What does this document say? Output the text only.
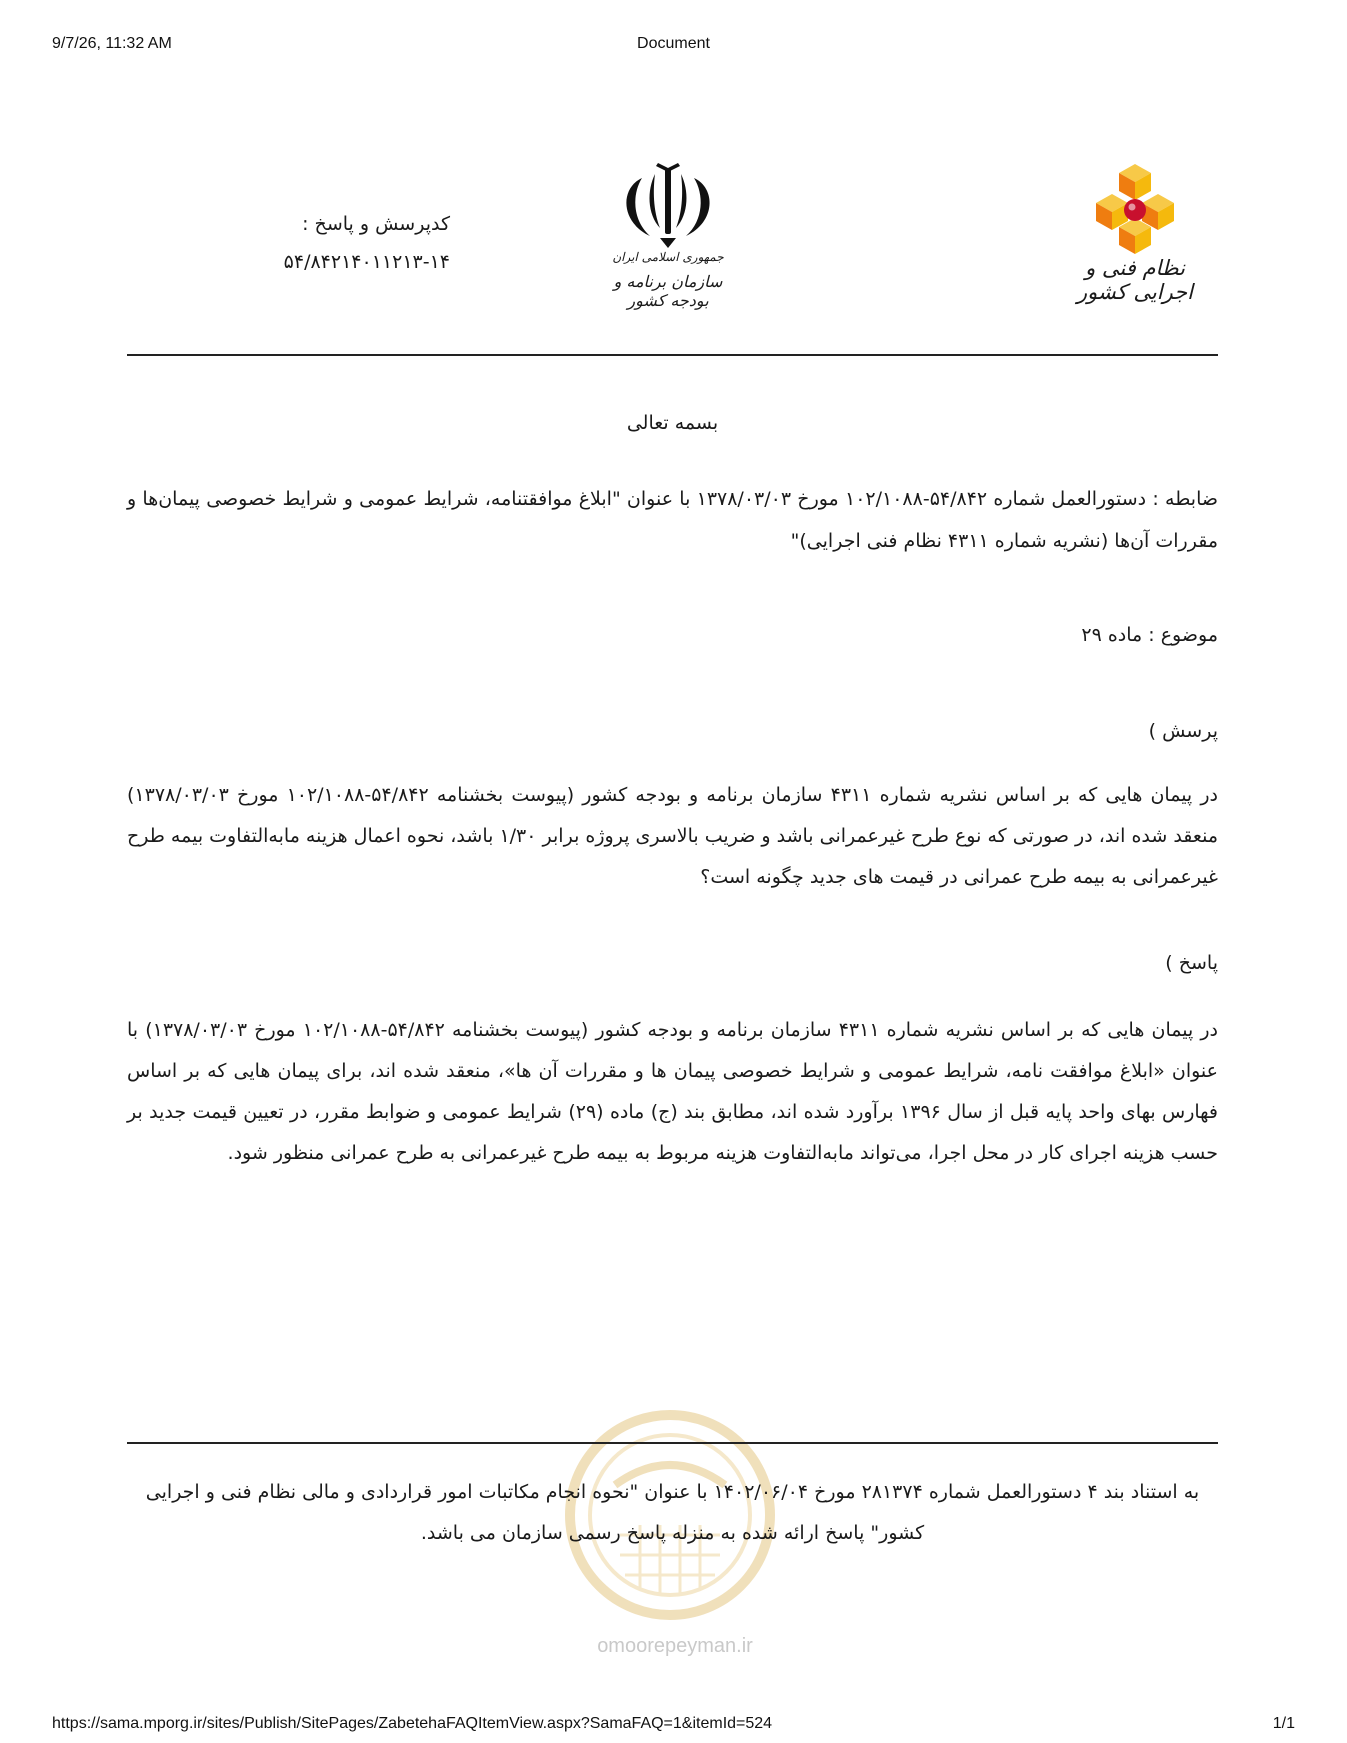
9/7/26, 11:32 AM	Document
کدپرسش و پاسخ :
۵۴/۸۴۲۱۴۰۱۱۲۱۳-۱۴	جمهوری اسلامی ایران
سازمان برنامه و بودجه کشور
نظام فنی و اجرایی کشور
بسمه تعالی
ضابطه : دستورالعمل شماره ۵۴/۸۴۲-۱۰۲/۱۰۸۸ مورخ ۱۳۷۸/۰۳/۰۳ با عنوان "ابلاغ موافقتنامه، شرایط عمومی و شرایط خصوصی پیمان‌ها و مقررات آن‌ها (نشریه شماره ۴۳۱۱ نظام فنی اجرایی)"
موضوع : ماده ۲۹
پرسش )
در پیمان هایی که بر اساس نشریه شماره ۴۳۱۱ سازمان برنامه و بودجه کشور (پیوست بخشنامه ۵۴/۸۴۲-۱۰۲/۱۰۸۸ مورخ ۱۳۷۸/۰۳/۰۳) منعقد شده اند، در صورتی که نوع طرح غیرعمرانی باشد و ضریب بالاسری پروژه برابر ۱/۳۰ باشد، نحوه اعمال هزینه مابه‌التفاوت بیمه طرح غیرعمرانی به بیمه طرح عمرانی در قیمت های جدید چگونه است؟
پاسخ )
در پیمان هایی که بر اساس نشریه شماره ۴۳۱۱ سازمان برنامه و بودجه کشور (پیوست بخشنامه ۵۴/۸۴۲-۱۰۲/۱۰۸۸ مورخ ۱۳۷۸/۰۳/۰۳) با عنوان «ابلاغ موافقت نامه، شرایط عمومی و شرایط خصوصی پیمان ها و مقررات آن ها»، منعقد شده اند، برای پیمان هایی که بر اساس فهارس بهای واحد پایه قبل از سال ۱۳۹۶ برآورد شده اند، مطابق بند (ج) ماده (۲۹) شرایط عمومی و ضوابط مقرر، در تعیین قیمت جدید بر حسب هزینه اجرای کار در محل اجرا، می‌تواند مابه‌التفاوت هزینه مربوط به بیمه طرح غیرعمرانی به طرح عمرانی منظور شود.
به استناد بند ۴ دستورالعمل شماره ۲۸۱۳۷۴ مورخ ۱۴۰۲/۰۶/۰۴ با عنوان "نحوه انجام مکاتبات امور قراردادی و مالی نظام فنی و اجرایی کشور" پاسخ ارائه شده به منزله پاسخ رسمی سازمان می باشد.
omoorepeyman.ir
https://sama.mporg.ir/sites/Publish/SitePages/ZabetehaFAQItemView.aspx?SamaFAQ=1&itemId=524	1/1
